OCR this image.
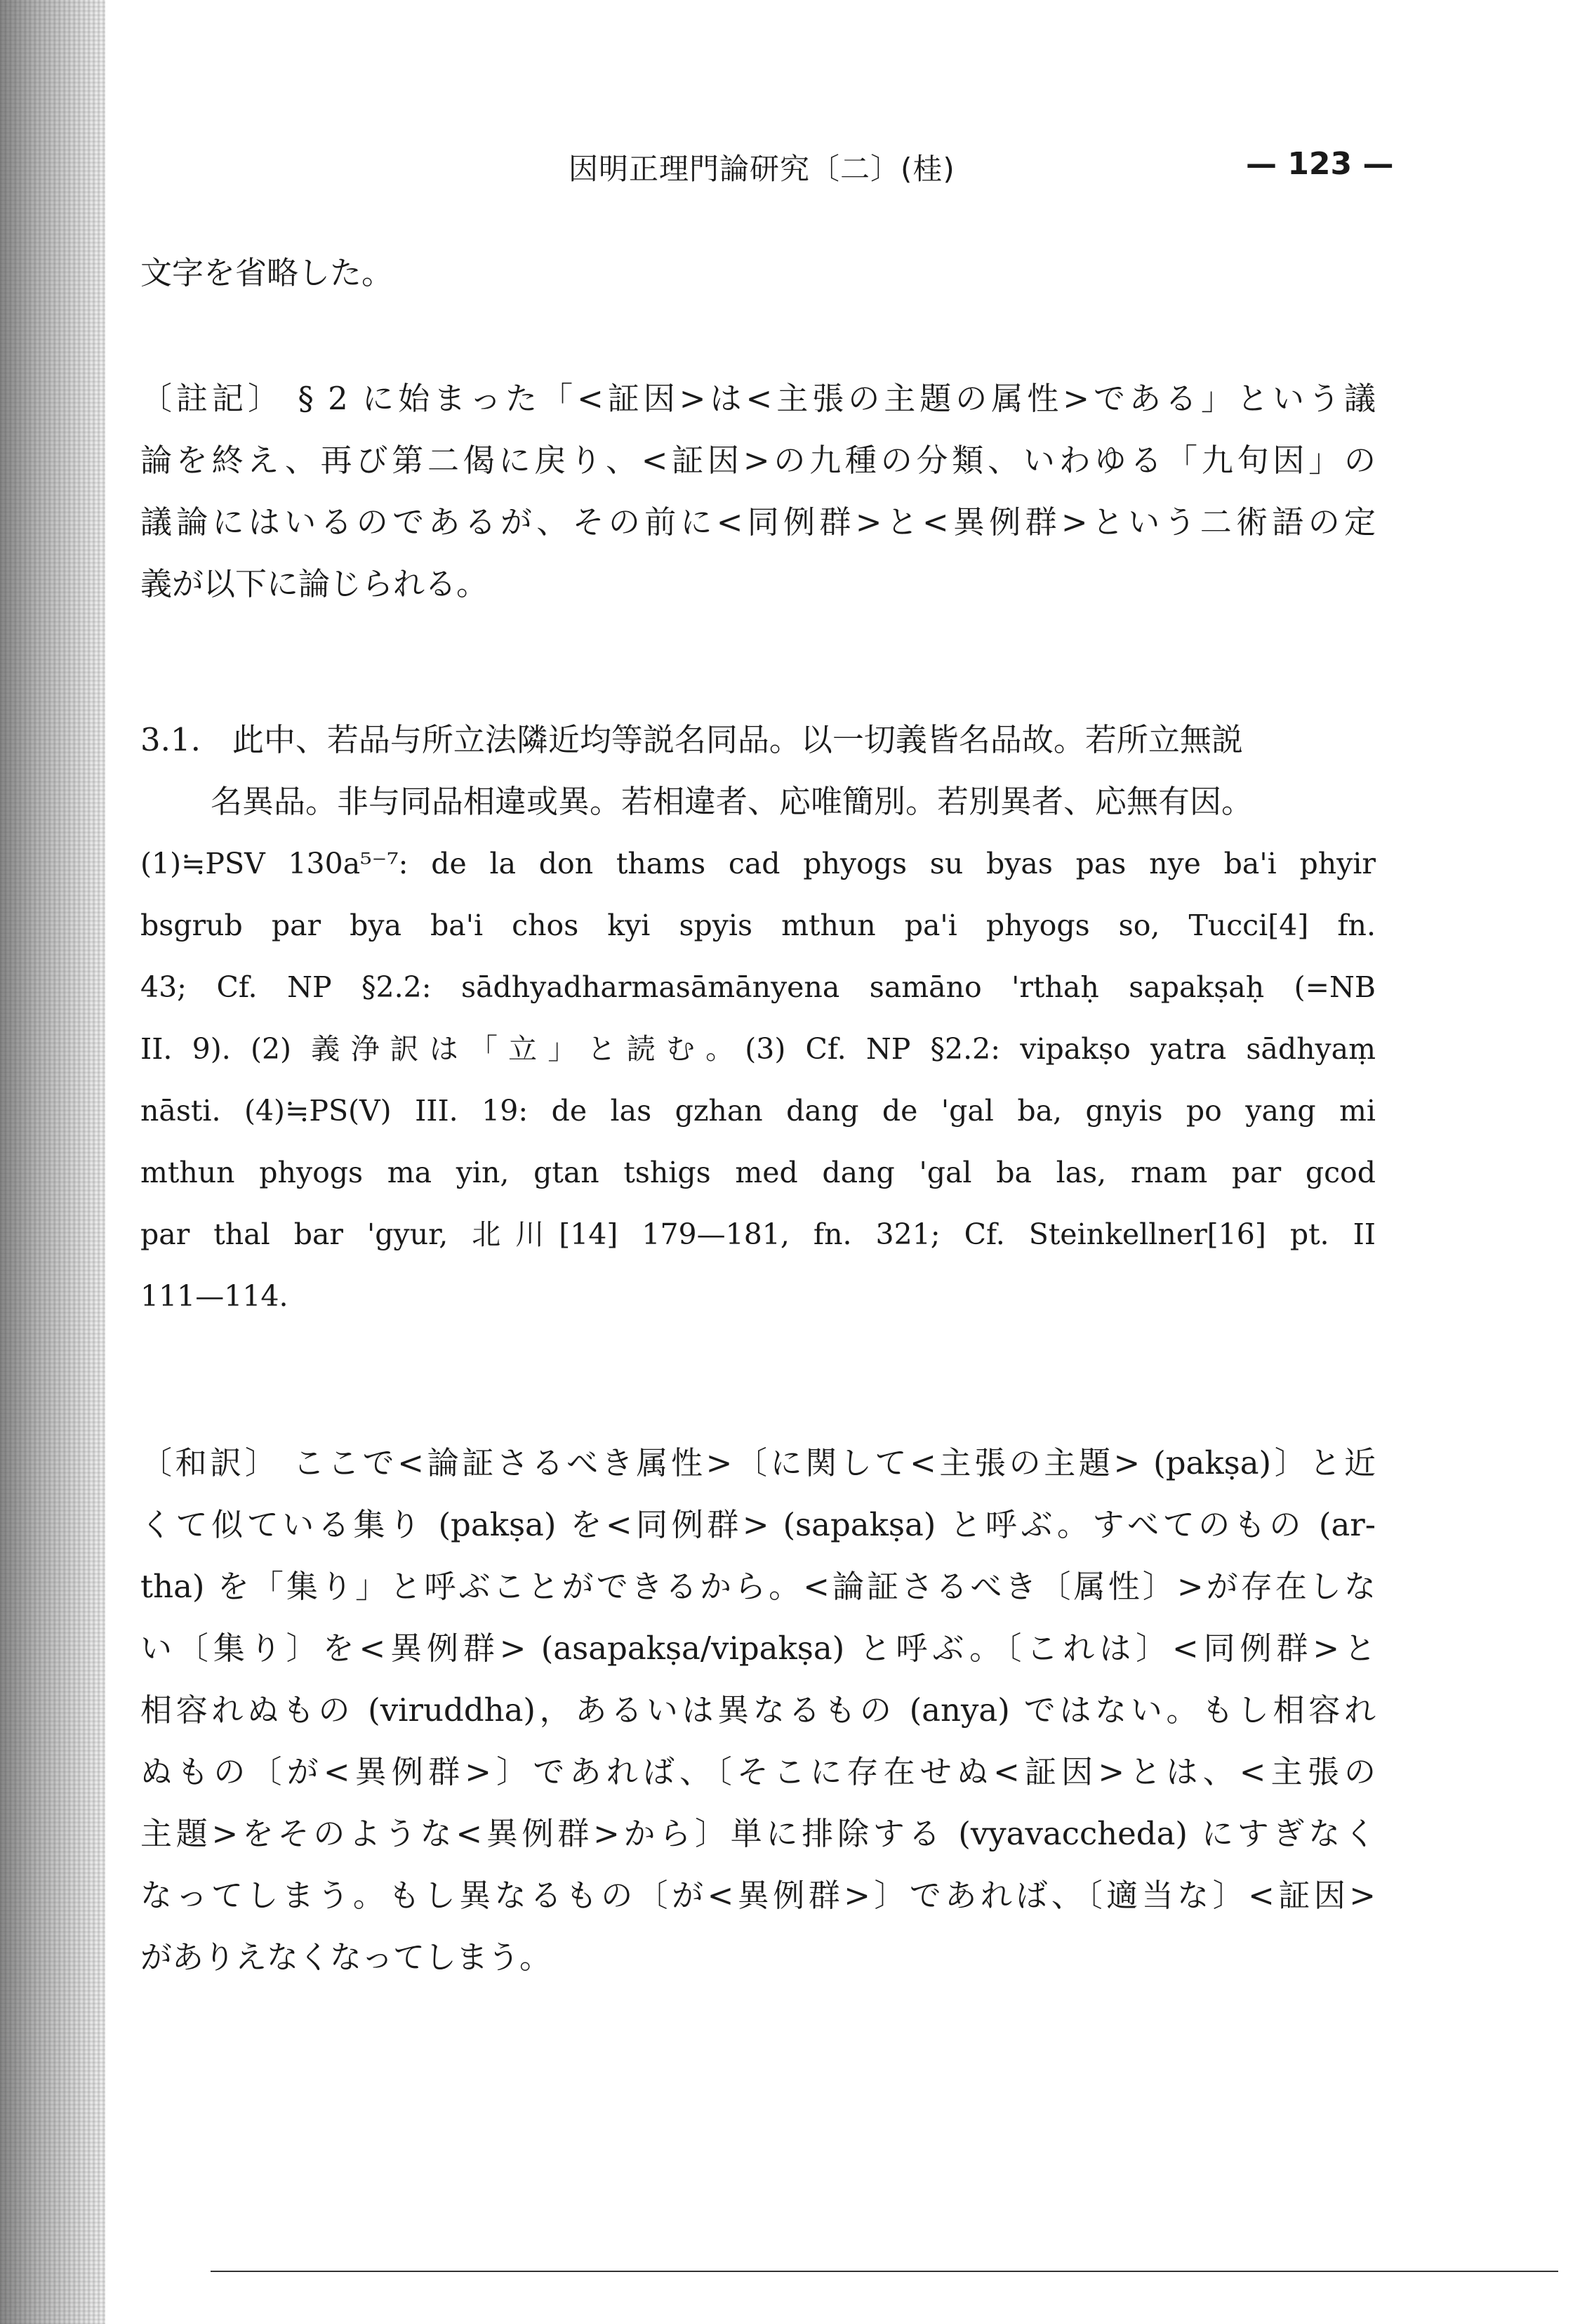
因明正理門論研究〔二〕(桂)	— 123 —
文字を省略した。
〔註記〕 § 2 に始まった「<証因>は<主張の主題の属性>である」という議
論を終え、再び第二偈に戻り、<証因>の九種の分類、いわゆる「九句因」の
議論にはいるのであるが、その前に<同例群>と<異例群>という二術語の定
義が以下に論じられる。
3.1.　此中、若品与所立法隣近均等説名同品。以一切義皆名品故。若所立無説
名異品。非与同品相違或異。若相違者、応唯簡別。若別異者、応無有因。
(1)≒PSV 130a⁵⁻⁷: de la don thams cad phyogs su byas pas nye ba'i phyir
bsgrub par bya ba'i chos kyi spyis mthun pa'i phyogs so, Tucci[4] fn.
43; Cf. NP §2.2: sādhyadharmasāmānyena samāno 'rthaḥ sapakṣaḥ (=NB
II. 9). (2) 義浄訳は「立」と読む。(3) Cf. NP §2.2: vipakṣo yatra sādhyaṃ
nāsti. (4)≒PS(V) III. 19: de las gzhan dang de 'gal ba, gnyis po yang mi
mthun phyogs ma yin, gtan tshigs med dang 'gal ba las, rnam par gcod
par thal bar 'gyur, 北川[14] 179—181, fn. 321; Cf. Steinkellner[16] pt. II
111—114.
〔和訳〕 ここで<論証さるべき属性>〔に関して<主張の主題> (pakṣa)〕と近
くて似ている集り (pakṣa) を<同例群> (sapakṣa) と呼ぶ。すべてのもの (ar-
tha) を「集り」と呼ぶことができるから。<論証さるべき〔属性〕>が存在しな
い〔集り〕を<異例群> (asapakṣa/vipakṣa) と呼ぶ。〔これは〕<同例群>と
相容れぬもの (viruddha)，あるいは異なるもの (anya) ではない。もし相容れ
ぬもの〔が<異例群>〕であれば、〔そこに存在せぬ<証因>とは、<主張の
主題>をそのような<異例群>から〕単に排除する (vyavaccheda) にすぎなく
なってしまう。もし異なるもの〔が<異例群>〕であれば、〔適当な〕<証因>
がありえなくなってしまう。
